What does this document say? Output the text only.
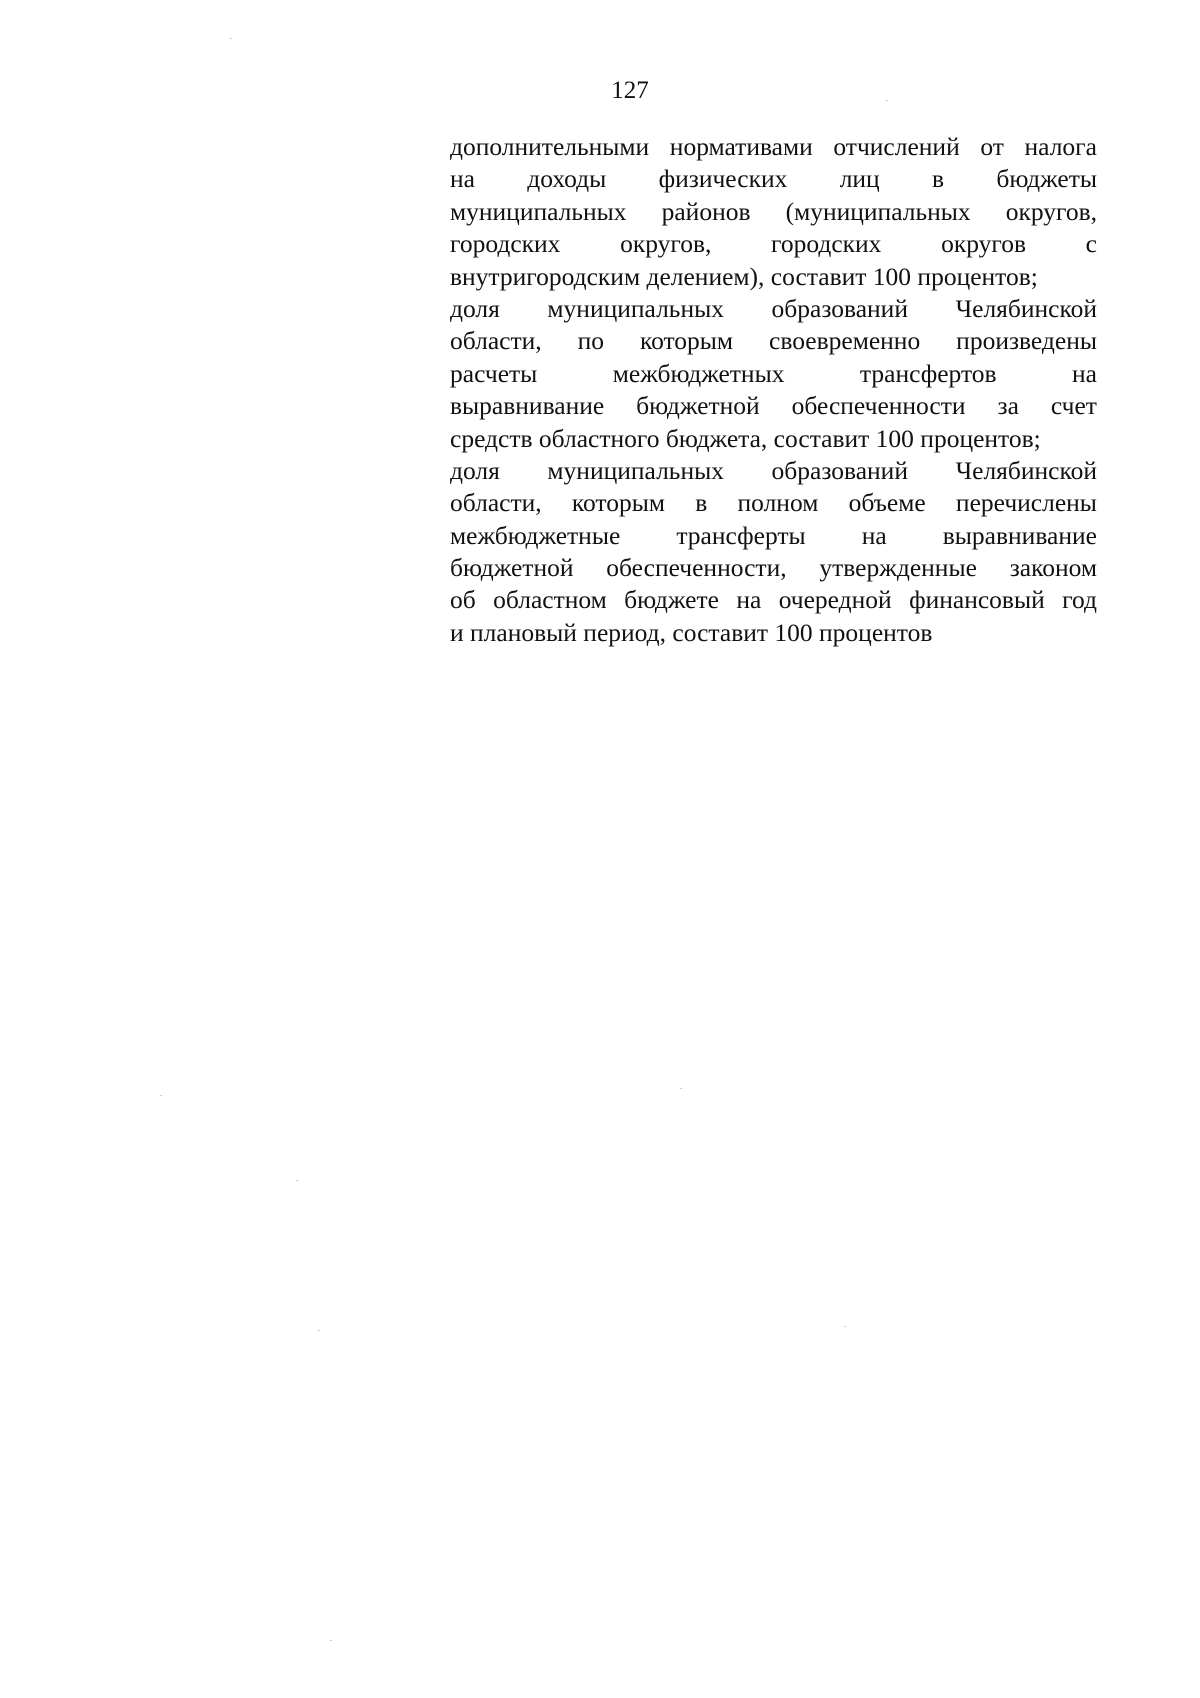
127
дополнительными нормативами отчислений от налога
на доходы физических лиц в бюджеты
муниципальных районов (муниципальных округов,
городских округов, городских округов с
внутригородским делением), составит 100 процентов;
доля муниципальных образований Челябинской
области, по которым своевременно произведены
расчеты	межбюджетных	трансфертов	на
выравнивание бюджетной обеспеченности за счет
средств областного бюджета, составит 100 процентов;
доля муниципальных образований Челябинской
области, которым в полном объеме перечислены
межбюджетные трансферты на выравнивание
бюджетной обеспеченности, утвержденные законом
об областном бюджете на очередной финансовый год
и плановый период, составит 100 процентов
